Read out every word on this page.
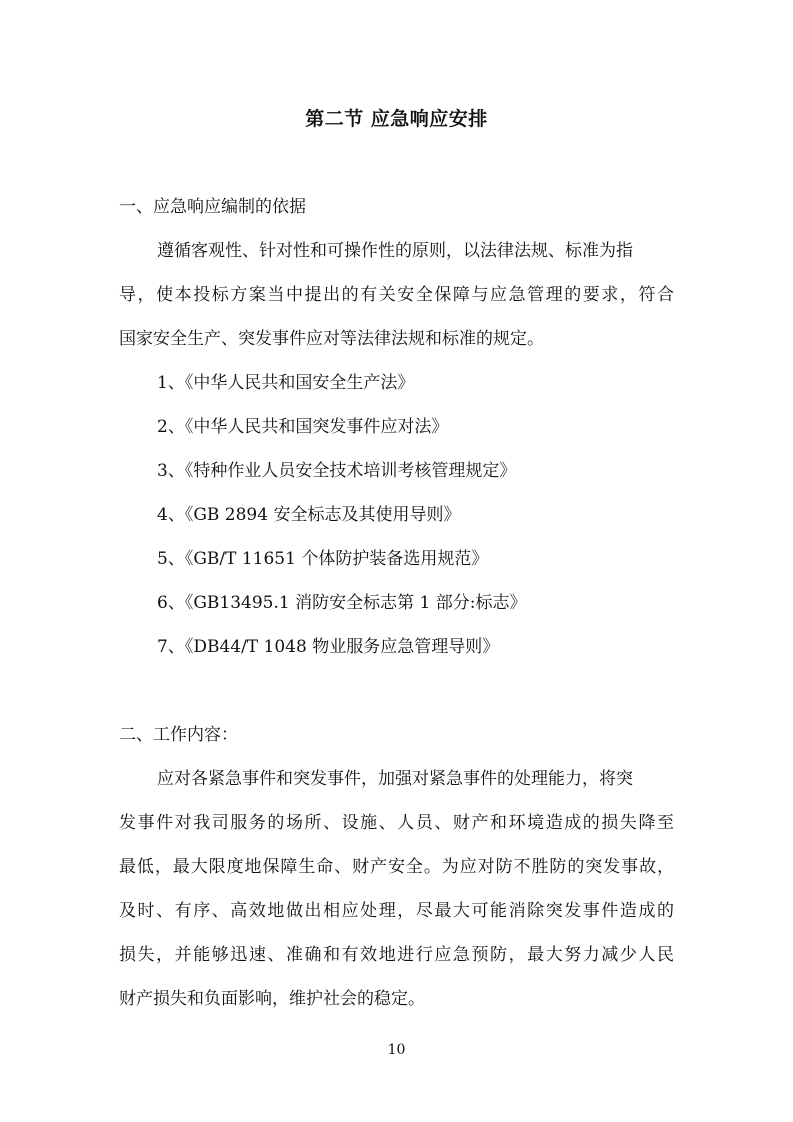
第二节 应急响应安排
一、应急响应编制的依据
遵循客观性、针对性和可操作性的原则，以法律法规、标准为指
导，使本投标方案当中提出的有关安全保障与应急管理的要求，符合
国家安全生产、突发事件应对等法律法规和标准的规定。
1、《中华人民共和国安全生产法》
2、《中华人民共和国突发事件应对法》
3、《特种作业人员安全技术培训考核管理规定》
4、《GB 2894 安全标志及其使用导则》
5、《GB/T 11651 个体防护装备选用规范》
6、《GB13495.1 消防安全标志第 1 部分:标志》
7、《DB44/T 1048 物业服务应急管理导则》
二、工作内容：
应对各紧急事件和突发事件，加强对紧急事件的处理能力，将突
发事件对我司服务的场所、设施、人员、财产和环境造成的损失降至
最低，最大限度地保障生命、财产安全。为应对防不胜防的突发事故，
及时、有序、高效地做出相应处理，尽最大可能消除突发事件造成的
损失，并能够迅速、准确和有效地进行应急预防，最大努力减少人民
财产损失和负面影响，维护社会的稳定。
10
